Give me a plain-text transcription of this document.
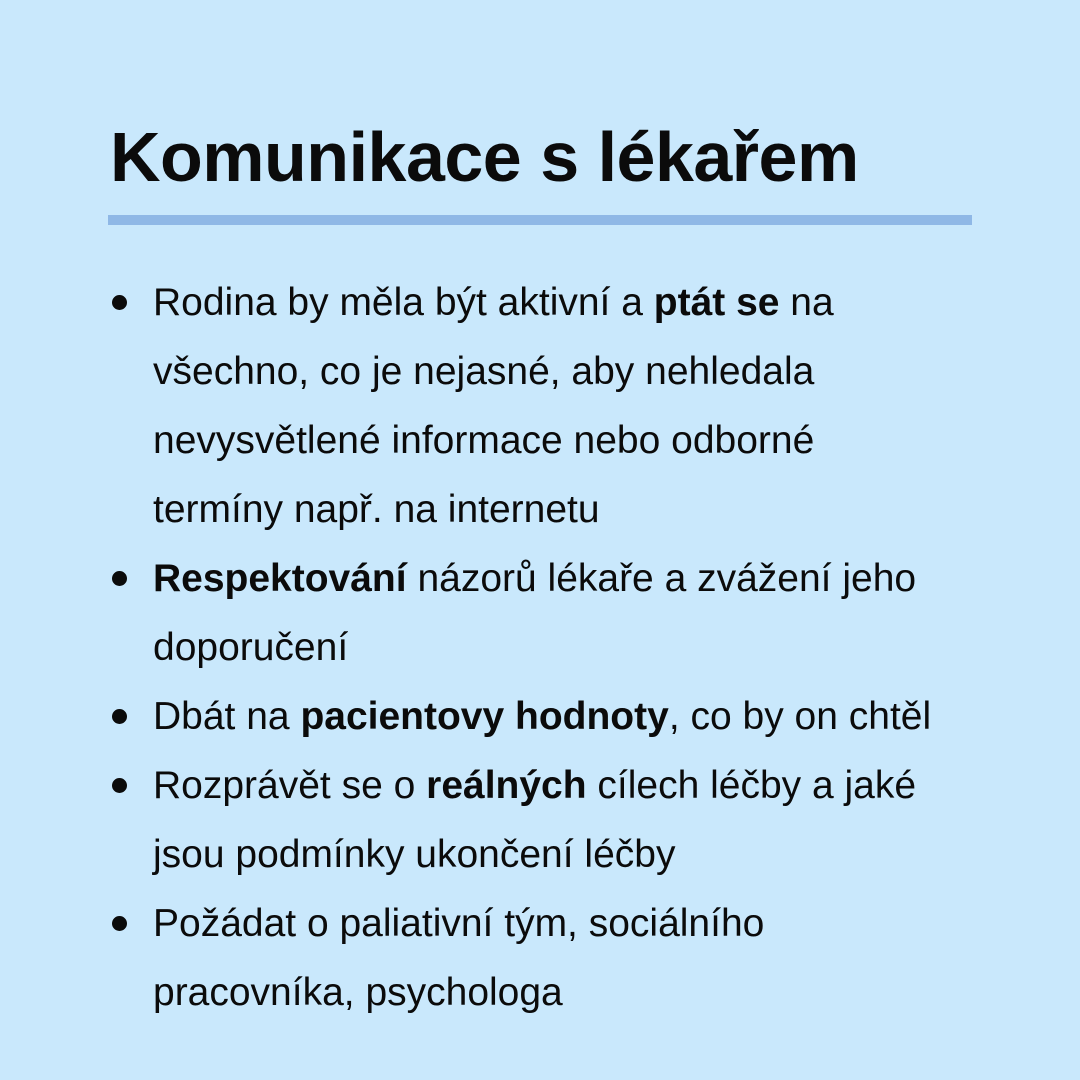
Komunikace s lékařem
Rodina by měla být aktivní a ptát se na
všechno, co je nejasné, aby nehledala
nevysvětlené informace nebo odborné
termíny např. na internetu
Respektování názorů lékaře a zvážení jeho
doporučení
Dbát na pacientovy hodnoty, co by on chtěl
Rozprávět se o reálných cílech léčby a jaké
jsou podmínky ukončení léčby
Požádat o paliativní tým, sociálního
pracovníka, psychologa
